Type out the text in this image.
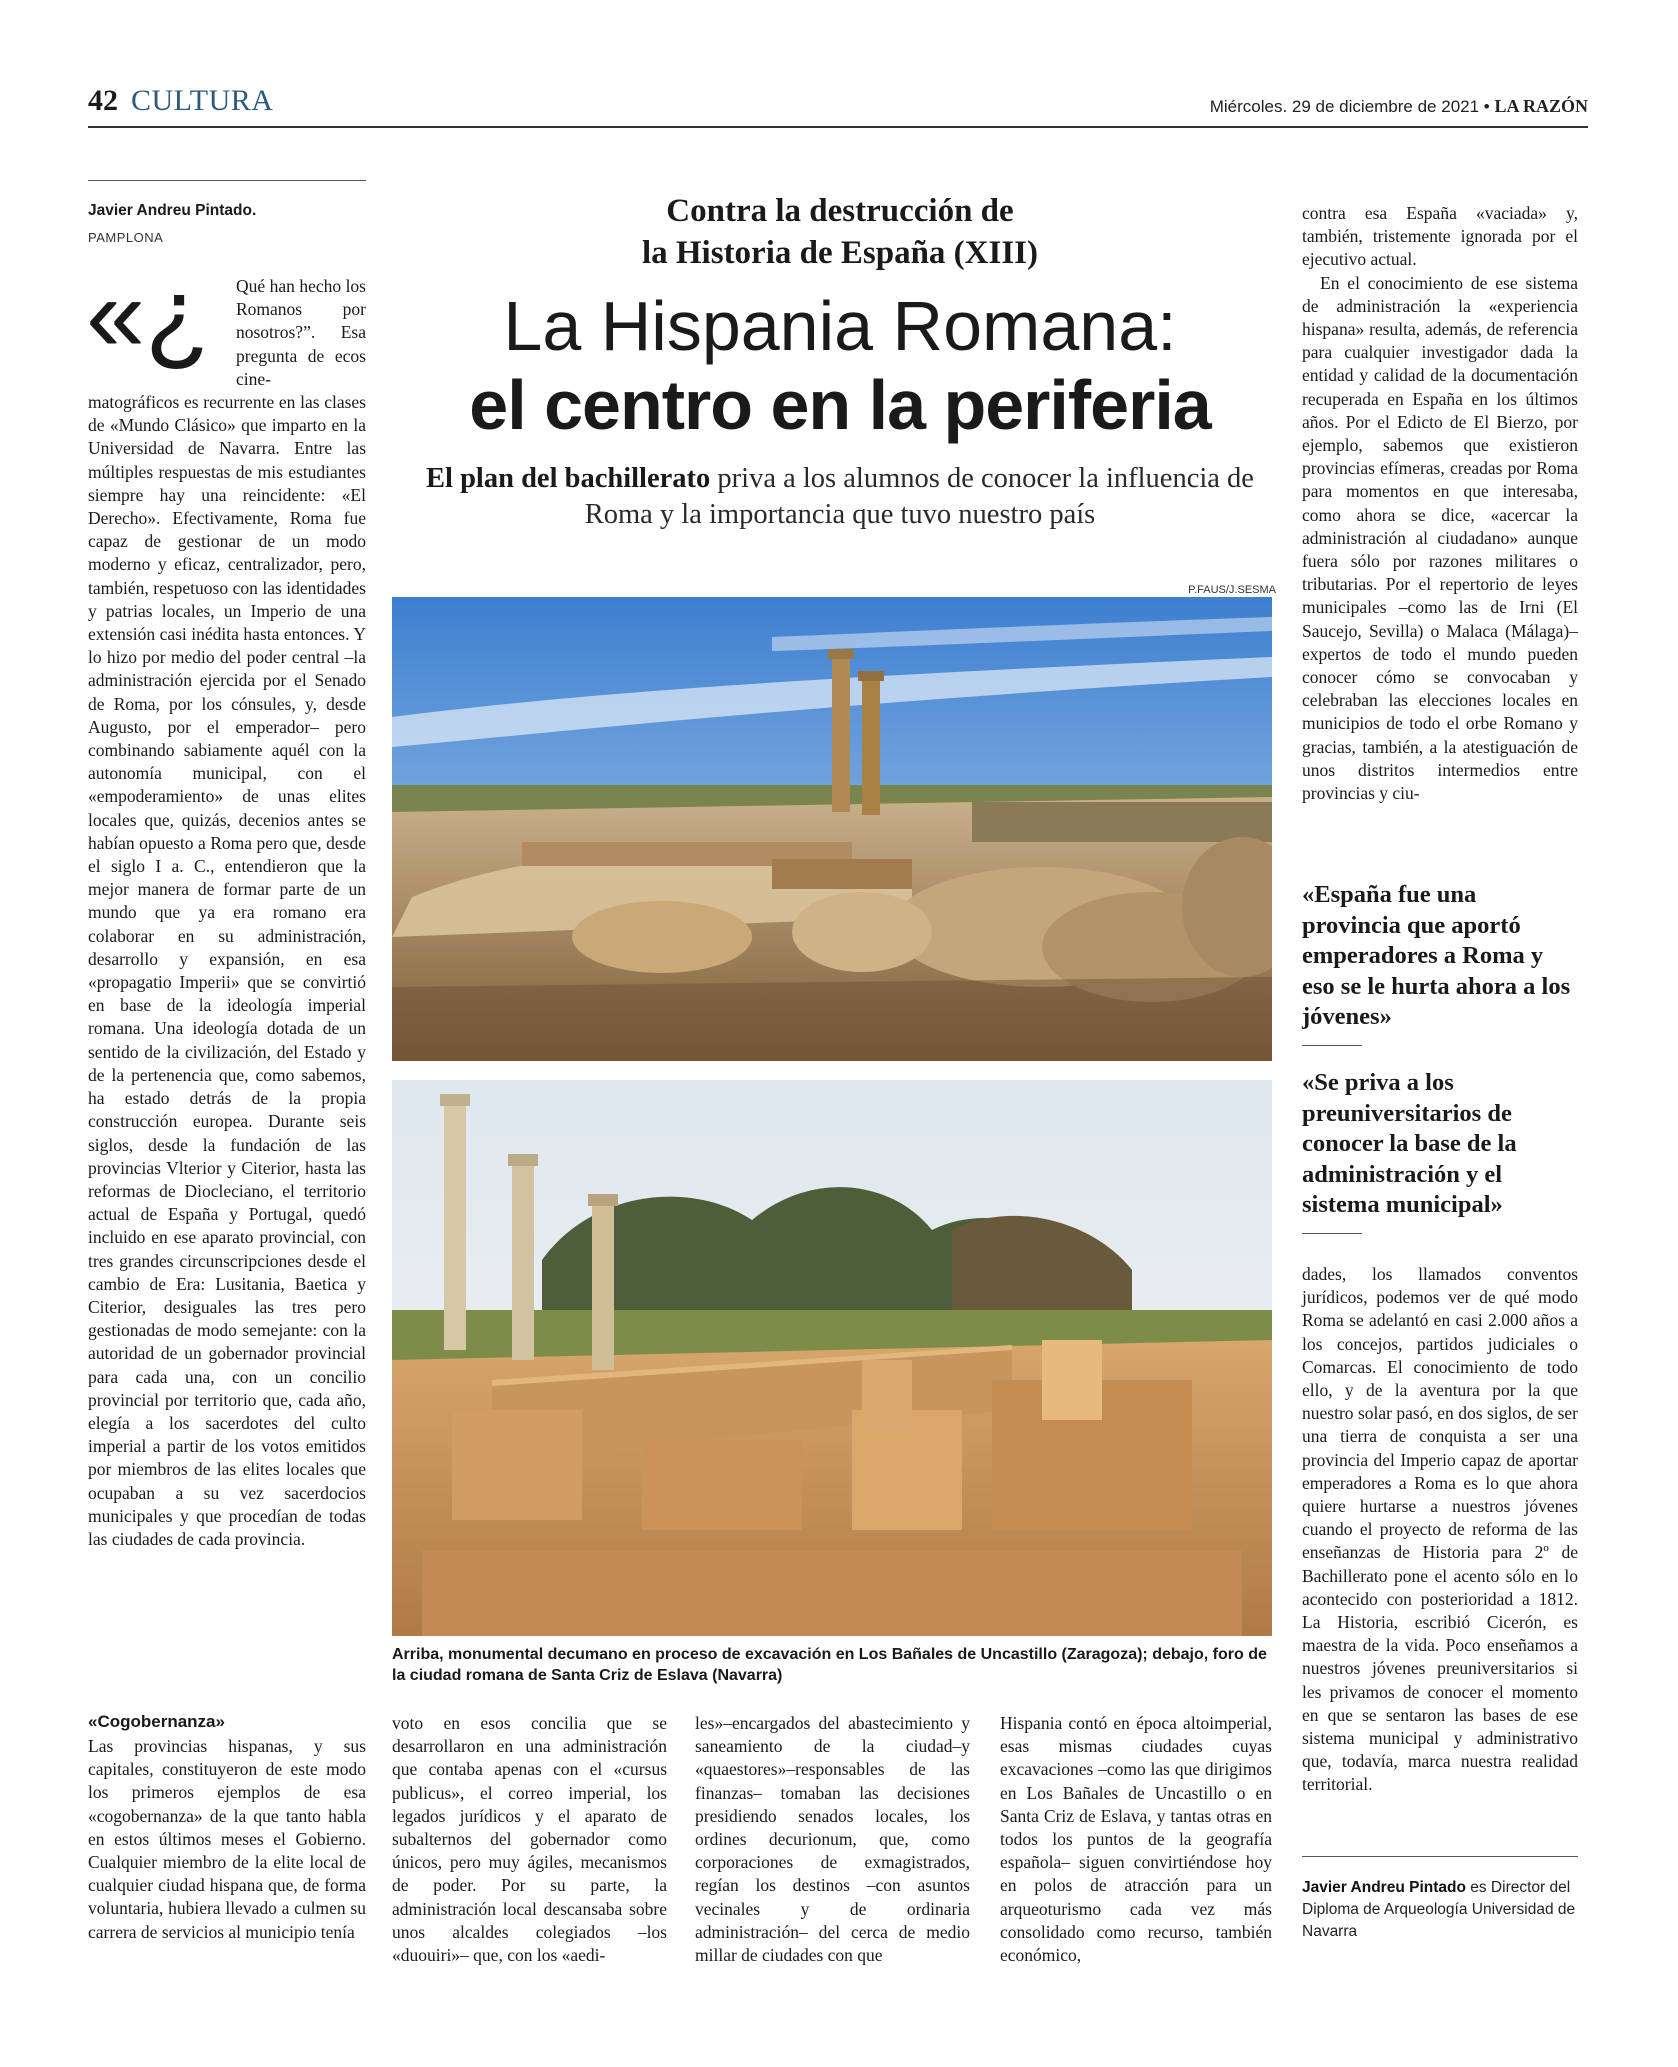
42 CULTURA	Miércoles. 29 de diciembre de 2021 • LA RAZÓN
Javier Andreu Pintado.
PAMPLONA
«¿ Qué han hecho los Romanos por nosotros?”. Esa pregunta de ecos cine-
matográficos es recurrente en las clases de «Mundo Clásico» que imparto en la Universidad de Navarra. Entre las múltiples respuestas de mis estudiantes siempre hay una reincidente: «El Derecho». Efectivamente, Roma fue capaz de gestionar de un modo moderno y eficaz, centralizador, pero, también, respetuoso con las identidades y patrias locales, un Imperio de una extensión casi inédita hasta entonces. Y lo hizo por medio del poder central –la administración ejercida por el Senado de Roma, por los cónsules, y, desde Augusto, por el emperador– pero combinando sabiamente aquél con la autonomía municipal, con el «empoderamiento» de unas elites locales que, quizás, decenios antes se habían opuesto a Roma pero que, desde el siglo I a. C., entendieron que la mejor manera de formar parte de un mundo que ya era romano era colaborar en su administración, desarrollo y expansión, en esa «propagatio Imperii» que se convirtió en base de la ideología imperial romana. Una ideología dotada de un sentido de la civilización, del Estado y de la pertenencia que, como sabemos, ha estado detrás de la propia construcción europea. Durante seis siglos, desde la fundación de las provincias Vlterior y Citerior, hasta las reformas de Diocleciano, el territorio actual de España y Portugal, quedó incluido en ese aparato provincial, con tres grandes circunscripciones desde el cambio de Era: Lusitania, Baetica y Citerior, desiguales las tres pero gestionadas de modo semejante: con la autoridad de un gobernador provincial para cada una, con un concilio provincial por territorio que, cada año, elegía a los sacerdotes del culto imperial a partir de los votos emitidos por miembros de las elites locales que ocupaban a su vez sacerdocios municipales y que procedían de todas las ciudades de cada provincia.
Contra la destrucción de
la Historia de España (XIII)
La Hispania Romana:
el centro en la periferia
El plan del bachillerato priva a los alumnos de conocer la influencia de Roma y la importancia que tuvo nuestro país
P.FAUS/J.SESMA
Arriba, monumental decumano en proceso de excavación en Los Bañales de Uncastillo (Zaragoza); debajo, foro de la ciudad romana de Santa Criz de Eslava (Navarra)
«Cogobernanza»
Las provincias hispanas, y sus capitales, constituyeron de este modo los primeros ejemplos de esa «cogobernanza» de la que tanto habla en estos últimos meses el Gobierno. Cualquier miembro de la elite local de cualquier ciudad hispana que, de forma voluntaria, hubiera llevado a culmen su carrera de servicios al municipio tenía
voto en esos concilia que se desarrollaron en una administración que contaba apenas con el «cursus publicus», el correo imperial, los legados jurídicos y el aparato de subalternos del gobernador como únicos, pero muy ágiles, mecanismos de poder. Por su parte, la administración local descansaba sobre unos alcaldes colegiados –los «duouiri»– que, con los «aedi-
les»–encargados del abastecimiento y saneamiento de la ciudad–y «quaestores»–responsables de las finanzas– tomaban las decisiones presidiendo senados locales, los ordines decurionum, que, como corporaciones de exmagistrados, regían los destinos –con asuntos vecinales y de ordinaria administración– del cerca de medio millar de ciudades con que
Hispania contó en época altoimperial, esas mismas ciudades cuyas excavaciones –como las que dirigimos en Los Bañales de Uncastillo o en Santa Criz de Eslava, y tantas otras en todos los puntos de la geografía española– siguen convirtiéndose hoy en polos de atracción para un arqueoturismo cada vez más consolidado como recurso, también económico,

contra esa España «vaciada» y, también, tristemente ignorada por el ejecutivo actual.

En el conocimiento de ese sistema de administración la «experiencia hispana» resulta, además, de referencia para cualquier investigador dada la entidad y calidad de la documentación recuperada en España en los últimos años. Por el Edicto de El Bierzo, por ejemplo, sabemos que existieron provincias efímeras, creadas por Roma para momentos en que interesaba, como ahora se dice, «acercar la administración al ciudadano» aunque fuera sólo por razones militares o tributarias. Por el repertorio de leyes municipales –como las de Irni (El Saucejo, Sevilla) o Malaca (Málaga)– expertos de todo el mundo pueden conocer cómo se convocaban y celebraban las elecciones locales en municipios de todo el orbe Romano y gracias, también, a la atestiguación de unos distritos intermedios entre provincias y ciu-

«España fue una provincia que aportó emperadores a Roma y eso se le hurta ahora a los jóvenes»
«Se priva a los preuniversitarios de conocer la base de la administración y el sistema municipal»
dades, los llamados conventos jurídicos, podemos ver de qué modo Roma se adelantó en casi 2.000 años a los concejos, partidos judiciales o Comarcas. El conocimiento de todo ello, y de la aventura por la que nuestro solar pasó, en dos siglos, de ser una tierra de conquista a ser una provincia del Imperio capaz de aportar emperadores a Roma es lo que ahora quiere hurtarse a nuestros jóvenes cuando el proyecto de reforma de las enseñanzas de Historia para 2º de Bachillerato pone el acento sólo en lo acontecido con posterioridad a 1812. La Historia, escribió Cicerón, es maestra de la vida. Poco enseñamos a nuestros jóvenes preuniversitarios si les privamos de conocer el momento en que se sentaron las bases de ese sistema municipal y administrativo que, todavía, marca nuestra realidad territorial.
Javier Andreu Pintado es Director del Diploma de Arqueología Universidad de Navarra
